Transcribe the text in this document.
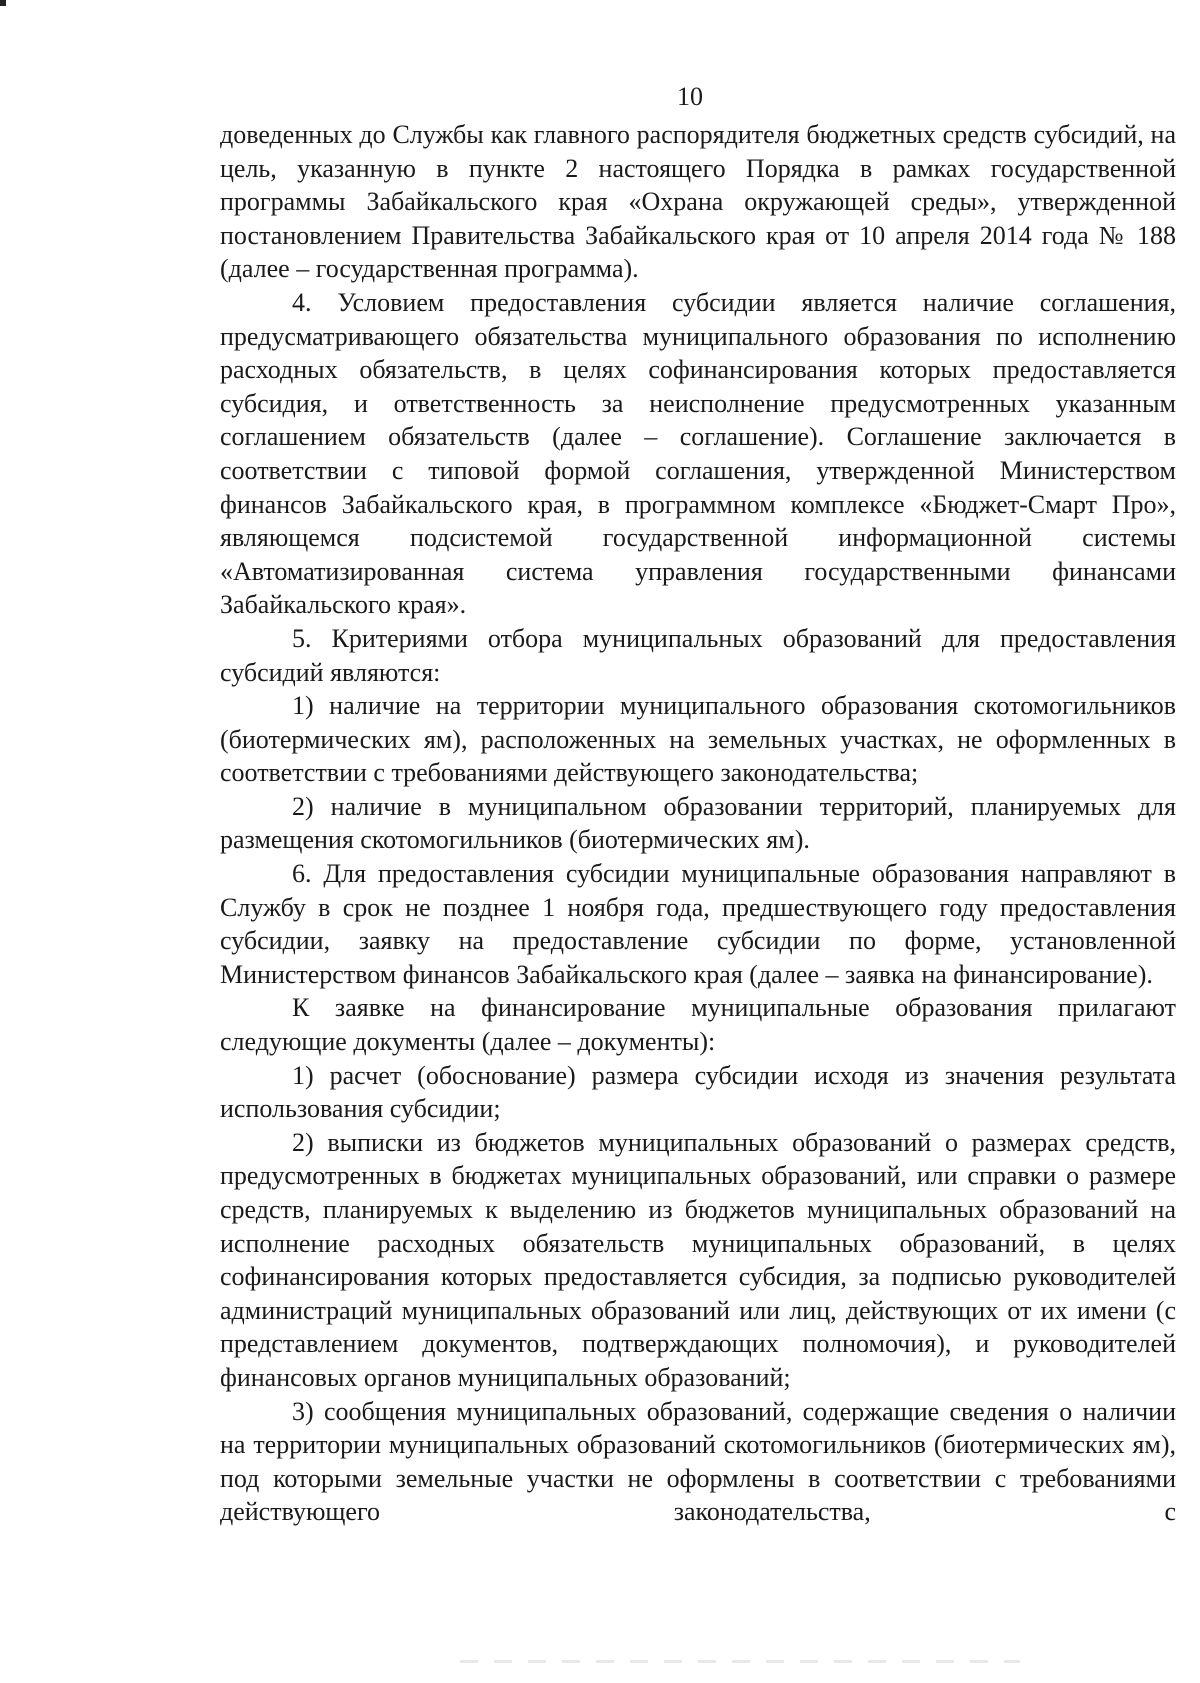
10

доведенных до Службы как главного распорядителя бюджетных средств субсидий, на цель, указанную в пункте 2 настоящего Порядка в рамках государственной программы Забайкальского края «Охрана окружающей среды», утвержденной постановлением Правительства Забайкальского края от 10 апреля 2014 года № 188 (далее – государственная программа).

4. Условием предоставления субсидии является наличие соглашения, предусматривающего обязательства муниципального образования по исполнению расходных обязательств, в целях софинансирования которых предоставляется субсидия, и ответственность за неисполнение предусмотренных указанным соглашением обязательств (далее – соглашение). Соглашение заключается в соответствии с типовой формой соглашения, утвержденной Министерством финансов Забайкальского края, в программном комплексе «Бюджет-Смарт Про», являющемся подсистемой государственной информационной системы «Автоматизированная система управления государственными финансами Забайкальского края».

5. Критериями отбора муниципальных образований для предоставления субсидий являются:

1) наличие на территории муниципального образования скотомогильников (биотермических ям), расположенных на земельных участках, не оформленных в соответствии с требованиями действующего законодательства;

2) наличие в муниципальном образовании территорий, планируемых для размещения скотомогильников (биотермических ям).

6. Для предоставления субсидии муниципальные образования направляют в Службу в срок не позднее 1 ноября года, предшествующего году предоставления субсидии, заявку на предоставление субсидии по форме, установленной Министерством финансов Забайкальского края (далее – заявка на финансирование).

К заявке на финансирование муниципальные образования прилагают следующие документы (далее – документы):

1) расчет (обоснование) размера субсидии исходя из значения результата использования субсидии;

2) выписки из бюджетов муниципальных образований о размерах средств, предусмотренных в бюджетах муниципальных образований, или справки о размере средств, планируемых к выделению из бюджетов муниципальных образований на исполнение расходных обязательств муниципальных образований, в целях софинансирования которых предоставляется субсидия, за подписью руководителей администраций муниципальных образований или лиц, действующих от их имени (с представлением документов, подтверждающих полномочия), и руководителей финансовых органов муниципальных образований;

3) сообщения муниципальных образований, содержащие сведения о наличии на территории муниципальных образований скотомогильников (биотермических ям), под которыми земельные участки не оформлены в соответствии с требованиями действующего законодательства, с
